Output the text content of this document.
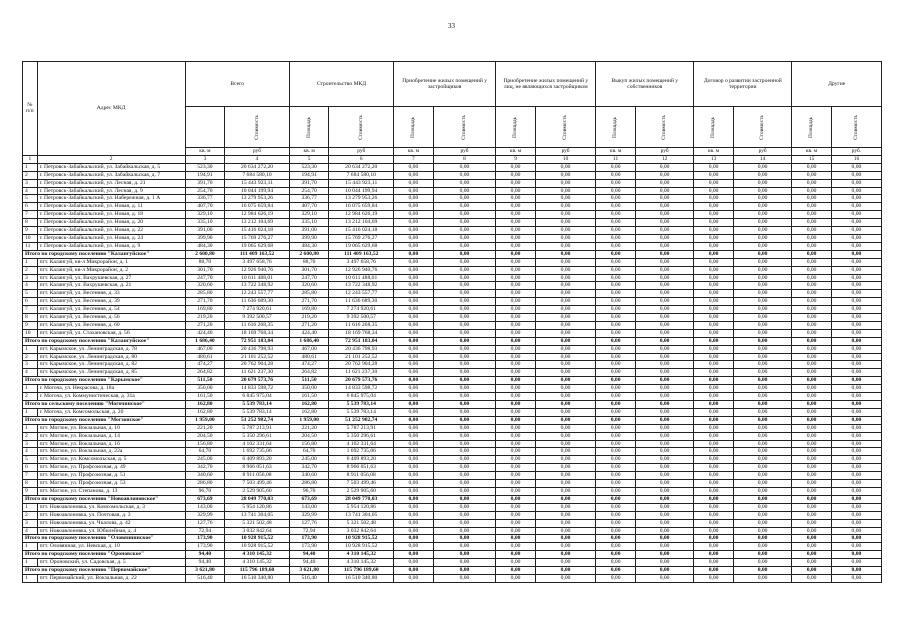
33
№ п/п	Адрес МКД	Всего		Строительство МКД		Приобретение жилых помещений у застройщиков		Приобретение жилых помещений у лиц, не являющихся застройщиком		Выкуп жилых помещений у собственников		Договор о развитии застроенной территории		Другие	
	Стоимость	Площадь	Стоимость	Площадь	Стоимость	Площадь	Стоимость	Площадь	Стоимость	Площадь	Стоимость	Площадь	Стоимость
		кв. м	руб	кв. м	руб	кв. м	руб	кв. м	руб	кв. м	руб	кв. м	руб	кв. м	руб.
1	2	3	4	5	6	7	8	9	10	11	12	13	14	15	16
1	г. Петровск-Забайкальский, ул. Забайкальская, д. 5	523,30	20 634 272,20	523,30	20 634 272,20	0,00	0,00	0,00	0,00	0,00	0,00	0,00	0,00	0,00	0,00
2	г. Петровск-Забайкальский, ул. Забайкальская, д. 7	194,91	7 684 580,10	194,91	7 684 580,10	0,00	0,00	0,00	0,00	0,00	0,00	0,00	0,00	0,00	0,00
3	г. Петровск-Забайкальский, ул. Лесная, д. 21	391,70	15 443 923,11	391,70	15 443 923,11	0,00	0,00	0,00	0,00	0,00	0,00	0,00	0,00	0,00	0,00
4	г. Петровск-Забайкальский, ул. Лесная, д. 9	254,70	10 044 199,94	254,70	10 044 199,94	0,00	0,00	0,00	0,00	0,00	0,00	0,00	0,00	0,00	0,00
5	г. Петровск-Забайкальский, ул. Набережная, д. 1 А	336,77	13 279 953,26	336,77	13 279 953,26	0,00	0,00	0,00	0,00	0,00	0,00	0,00	0,00	0,00	0,00
6	г. Петровск-Забайкальский, ул. Новая, д. 11	407,70	16 075 659,84	407,70	16 075 659,84	0,00	0,00	0,00	0,00	0,00	0,00	0,00	0,00	0,00	0,00
7	г. Петровск-Забайкальский, ул. Новая, д. 18	329,10	12 984 626,19	329,10	12 984 626,19	0,00	0,00	0,00	0,00	0,00	0,00	0,00	0,00	0,00	0,00
8	г. Петровск-Забайкальский, ул. Новая, д. 20	335,10	13 212 104,69	335,10	13 212 104,69	0,00	0,00	0,00	0,00	0,00	0,00	0,00	0,00	0,00	0,00
9	г. Петровск-Забайкальский, ул. Новая, д. 22	391,00	15 416 024,18	391,00	15 416 024,18	0,00	0,00	0,00	0,00	0,00	0,00	0,00	0,00	0,00	0,00
10	г. Петровск-Забайкальский, ул. Новая, д. 24	399,90	15 769 276,27	399,90	15 769 276,27	0,00	0,00	0,00	0,00	0,00	0,00	0,00	0,00	0,00	0,00
11	г. Петровск-Забайкальский, ул. Новая, д. 9	484,30	19 065 629,68	484,30	19 065 629,68	0,00	0,00	0,00	0,00	0,00	0,00	0,00	0,00	0,00	0,00
Итого по городскому поселению "Калангуйское"		2 600,80	111 409 163,52	2 600,80	111 409 163,52	0,00	0,00	0,00	0,00	0,00	0,00	0,00	0,00	0,00	0,00
1	пгт. Калангуй, кв-л Микрорайон, д. 1	88,70	3 497 658,76	88,70	3 497 658,76	0,00	0,00	0,00	0,00	0,00	0,00	0,00	0,00	0,00	0,00
2	пгт. Калангуй, кв-л Микрорайон, д. 2	301,70	12 926 940,76	301,70	12 926 940,76	0,00	0,00	0,00	0,00	0,00	0,00	0,00	0,00	0,00	0,00
3	пгт. Калангуй, ул. Вахрушевская, д. 27	247,70	10 611 488,01	247,70	10 611 488,01	0,00	0,00	0,00	0,00	0,00	0,00	0,00	0,00	0,00	0,00
4	пгт. Калангуй, ул. Вахрушевская, д. 21	320,60	13 722 348,92	320,60	13 722 348,92	0,00	0,00	0,00	0,00	0,00	0,00	0,00	0,00	0,00	0,00
5	пгт. Калангуй, ул. Весенняя, д. 33	285,80	12 243 557,77	285,80	12 243 557,77	0,00	0,00	0,00	0,00	0,00	0,00	0,00	0,00	0,00	0,00
6	пгт. Калангуй, ул. Весенняя, д. 39	271,70	11 636 689,30	271,70	11 636 689,30	0,00	0,00	0,00	0,00	0,00	0,00	0,00	0,00	0,00	0,00
7	пгт. Калангуй, ул. Весенняя, д. 54	169,80	7 274 920,61	169,80	7 274 920,61	0,00	0,00	0,00	0,00	0,00	0,00	0,00	0,00	0,00	0,00
8	пгт. Калангуй, ул. Весенняя, д. 56	219,20	9 392 500,57	219,20	9 392 500,57	0,00	0,00	0,00	0,00	0,00	0,00	0,00	0,00	0,00	0,00
9	пгт. Калангуй, ул. Весенняя, д. 60	271,20	11 616 268,35	271,20	11 616 268,35	0,00	0,00	0,00	0,00	0,00	0,00	0,00	0,00	0,00	0,00
10	пгт. Калангуй, ул. Стахановская, д. 56	424,40	18 169 768,34	424,40	18 169 768,34	0,00	0,00	0,00	0,00	0,00	0,00	0,00	0,00	0,00	0,00
Итого по городскому поселению "Калангуйское"		1 686,40	72 951 183,04	1 686,40	72 951 183,04	0,00	0,00	0,00	0,00	0,00	0,00	0,00	0,00	0,00	0,00
1	пгт. Карымское, ул. Ленинградская, д. 78	467,00	20 436 798,93	467,00	20 436 798,93	0,00	0,00	0,00	0,00	0,00	0,00	0,00	0,00	0,00	0,00
2	пгт. Карымское, ул. Ленинградская, д. 80	480,61	21 101 252,52	480,61	21 101 252,52	0,00	0,00	0,00	0,00	0,00	0,00	0,00	0,00	0,00	0,00
3	пгт. Карымское, ул. Ленинградская, д. 82	474,27	20 762 904,28	474,27	20 762 904,28	0,00	0,00	0,00	0,00	0,00	0,00	0,00	0,00	0,00	0,00
4	пгт. Карымское, ул. Ленинградская, д. 85	264,82	11 621 237,30	264,82	11 621 237,30	0,00	0,00	0,00	0,00	0,00	0,00	0,00	0,00	0,00	0,00
Итого по городскому поселению "Карымское"		511,50	20 679 573,76	511,50	20 679 573,76	0,00	0,00	0,00	0,00	0,00	0,00	0,00	0,00	0,00	0,00
1	г. Могоча, ул. Некрасова, д. 18а	350,00	14 833 598,72	350,00	14 833 598,72	0,00	0,00	0,00	0,00	0,00	0,00	0,00	0,00	0,00	0,00
2	г. Могоча, ул. Коммунистическая, д. 31а	161,50	6 845 975,04	161,50	6 845 975,04	0,00	0,00	0,00	0,00	0,00	0,00	0,00	0,00	0,00	0,00
Итого по сельскому поселению "Могочинское"		162,80	5 539 783,14	162,80	5 539 783,14	0,00	0,00	0,00	0,00	0,00	0,00	0,00	0,00	0,00	0,00
1	г. Могоча, ул. Комсомольская, д. 20	162,80	5 539 783,14	162,80	5 539 783,14	0,00	0,00	0,00	0,00	0,00	0,00	0,00	0,00	0,00	0,00
Итого по городскому поселению "Могзонское"		1 959,00	51 252 982,74	1 959,00	51 252 982,74	0,00	0,00	0,00	0,00	0,00	0,00	0,00	0,00	0,00	0,00
1	пгт. Могзон, ул. Вокзальная, д. 10	221,20	5 787 213,91	221,20	5 787 213,91	0,00	0,00	0,00	0,00	0,00	0,00	0,00	0,00	0,00	0,00
2	пгт. Могзон, ул. Вокзальная, д. 14	204,50	5 350 296,61	204,50	5 350 296,61	0,00	0,00	0,00	0,00	0,00	0,00	0,00	0,00	0,00	0,00
3	пгт. Могзон, ул. Вокзальная, д. 16	156,80	4 102 331,64	156,80	4 102 331,64	0,00	0,00	0,00	0,00	0,00	0,00	0,00	0,00	0,00	0,00
4	пгт. Могзон, ул. Вокзальная, д. 22а	64,70	1 692 735,06	64,70	1 692 735,06	0,00	0,00	0,00	0,00	0,00	0,00	0,00	0,00	0,00	0,00
5	пгт. Могзон, ул. Комсомольская, д. 5	245,00	6 409 893,20	245,00	6 409 893,20	0,00	0,00	0,00	0,00	0,00	0,00	0,00	0,00	0,00	0,00
6	пгт. Могзон, ул. Профсоюзная, д. 49	342,70	8 966 051,63	342,70	8 966 051,63	0,00	0,00	0,00	0,00	0,00	0,00	0,00	0,00	0,00	0,00
7	пгт. Могзон, ул. Профсоюзная, д. 51	340,60	8 911 056,08	340,60	8 911 056,08	0,00	0,00	0,00	0,00	0,00	0,00	0,00	0,00	0,00	0,00
8	пгт. Могзон, ул. Профсоюзная, д. 53	286,80	7 503 499,46	286,80	7 503 499,46	0,00	0,00	0,00	0,00	0,00	0,00	0,00	0,00	0,00	0,00
9	пгт. Могзон, ул. Степанова, д. 13	96,70	2 529 905,60	96,70	2 529 905,60	0,00	0,00	0,00	0,00	0,00	0,00	0,00	0,00	0,00	0,00
Итого по городскому поселению "Новоавлоновское"		673,69	28 049 770,03	673,69	28 049 770,03	0,00	0,00	0,00	0,00	0,00	0,00	0,00	0,00	0,00	0,00
1	пгт. Новоавлоновка, ул. Комсомольская, д. 3	143,00	5 954 120,86	143,00	5 954 120,86	0,00	0,00	0,00	0,00	0,00	0,00	0,00	0,00	0,00	0,00
2	пгт. Новоавлоновка, ул. Почтовая, д. 3	329,99	13 741 304,05	329,99	13 741 304,05	0,00	0,00	0,00	0,00	0,00	0,00	0,00	0,00	0,00	0,00
3	пгт. Новоавлоновка, ул. Чкалова, д. 42	127,76	5 321 502,48	127,76	5 321 502,48	0,00	0,00	0,00	0,00	0,00	0,00	0,00	0,00	0,00	0,00
4	пгт. Новоавлоновка, ул. Юбилейная, д. 4	72,94	3 032 842,64	72,94	3 032 842,64	0,00	0,00	0,00	0,00	0,00	0,00	0,00	0,00	0,00	0,00
Итого по городскому поселению "Оловяннинское"		173,90	10 928 915,52	173,90	10 928 915,52	0,00	0,00	0,00	0,00	0,00	0,00	0,00	0,00	0,00	0,00
1	пгт. Оловянная, ул. Невская, д. 10	173,90	10 928 915,52	173,90	10 928 915,52	0,00	0,00	0,00	0,00	0,00	0,00	0,00	0,00	0,00	0,00
Итого по городскому поселению "Ороновское"		94,40	4 310 145,32	94,40	4 310 145,32	0,00	0,00	0,00	0,00	0,00	0,00	0,00	0,00	0,00	0,00
1	пгт. Ороновский, ул. Садовская, д. 5	94,40	4 310 145,32	94,40	4 310 145,32	0,00	0,00	0,00	0,00	0,00	0,00	0,00	0,00	0,00	0,00
Итого по городскому поселению "Первомайское"		3 621,80	115 796 189,60	3 621,80	115 796 189,60	0,00	0,00	0,00	0,00	0,00	0,00	0,00	0,00	0,00	0,00
1	пгт. Первомайский, ул. Вокзальная, д. 22	516,40	16 510 340,80	516,40	16 510 340,80	0,00	0,00	0,00	0,00	0,00	0,00	0,00	0,00	0,00	0,00
